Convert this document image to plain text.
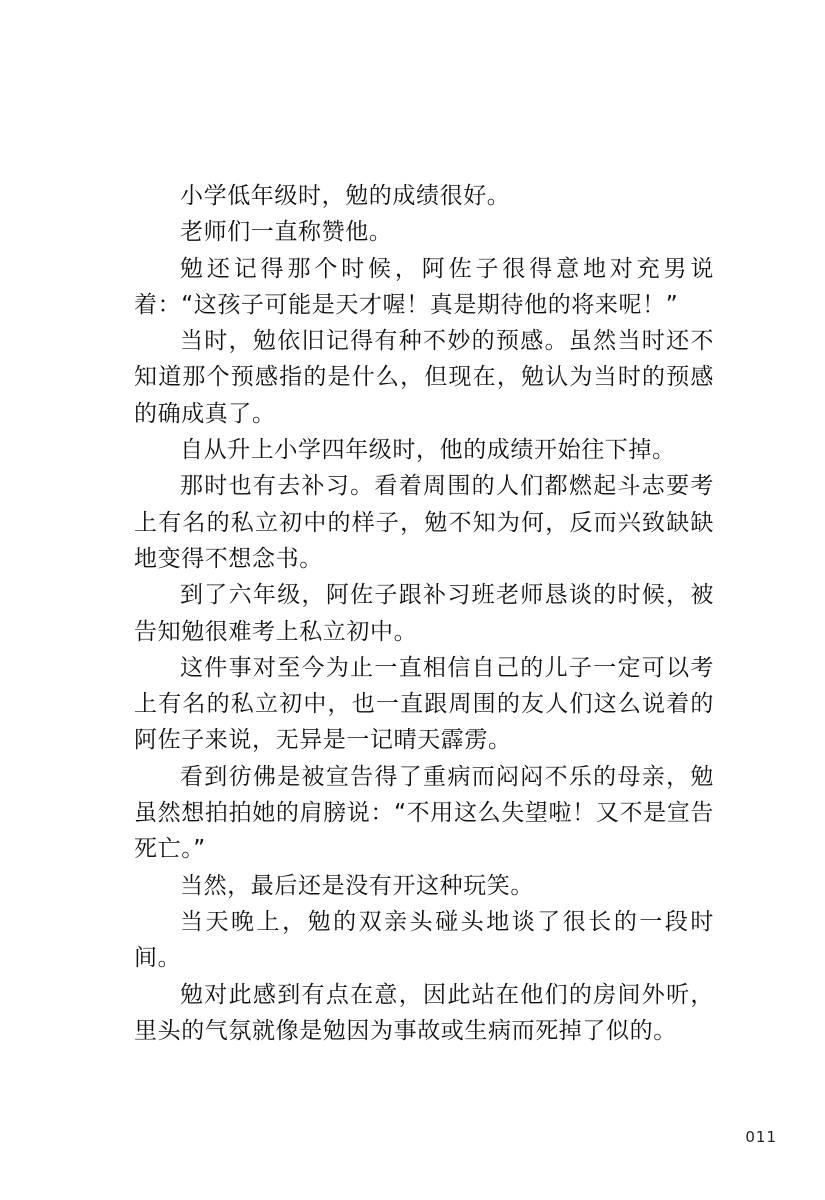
小学低年级时，勉的成绩很好。

老师们一直称赞他。

勉还记得那个时候，阿佐子很得意地对充男说着：“这孩子可能是天才喔！真是期待他的将来呢！”

当时，勉依旧记得有种不妙的预感。虽然当时还不知道那个预感指的是什么，但现在，勉认为当时的预感的确成真了。

自从升上小学四年级时，他的成绩开始往下掉。

那时也有去补习。看着周围的人们都燃起斗志要考上有名的私立初中的样子，勉不知为何，反而兴致缺缺地变得不想念书。

到了六年级，阿佐子跟补习班老师恳谈的时候，被告知勉很难考上私立初中。

这件事对至今为止一直相信自己的儿子一定可以考上有名的私立初中，也一直跟周围的友人们这么说着的阿佐子来说，无异是一记晴天霹雳。

看到彷佛是被宣告得了重病而闷闷不乐的母亲，勉虽然想拍拍她的肩膀说：“不用这么失望啦！又不是宣告死亡。”

当然，最后还是没有开这种玩笑。

当天晚上，勉的双亲头碰头地谈了很长的一段时间。

勉对此感到有点在意，因此站在他们的房间外听，里头的气氛就像是勉因为事故或生病而死掉了似的。

011
